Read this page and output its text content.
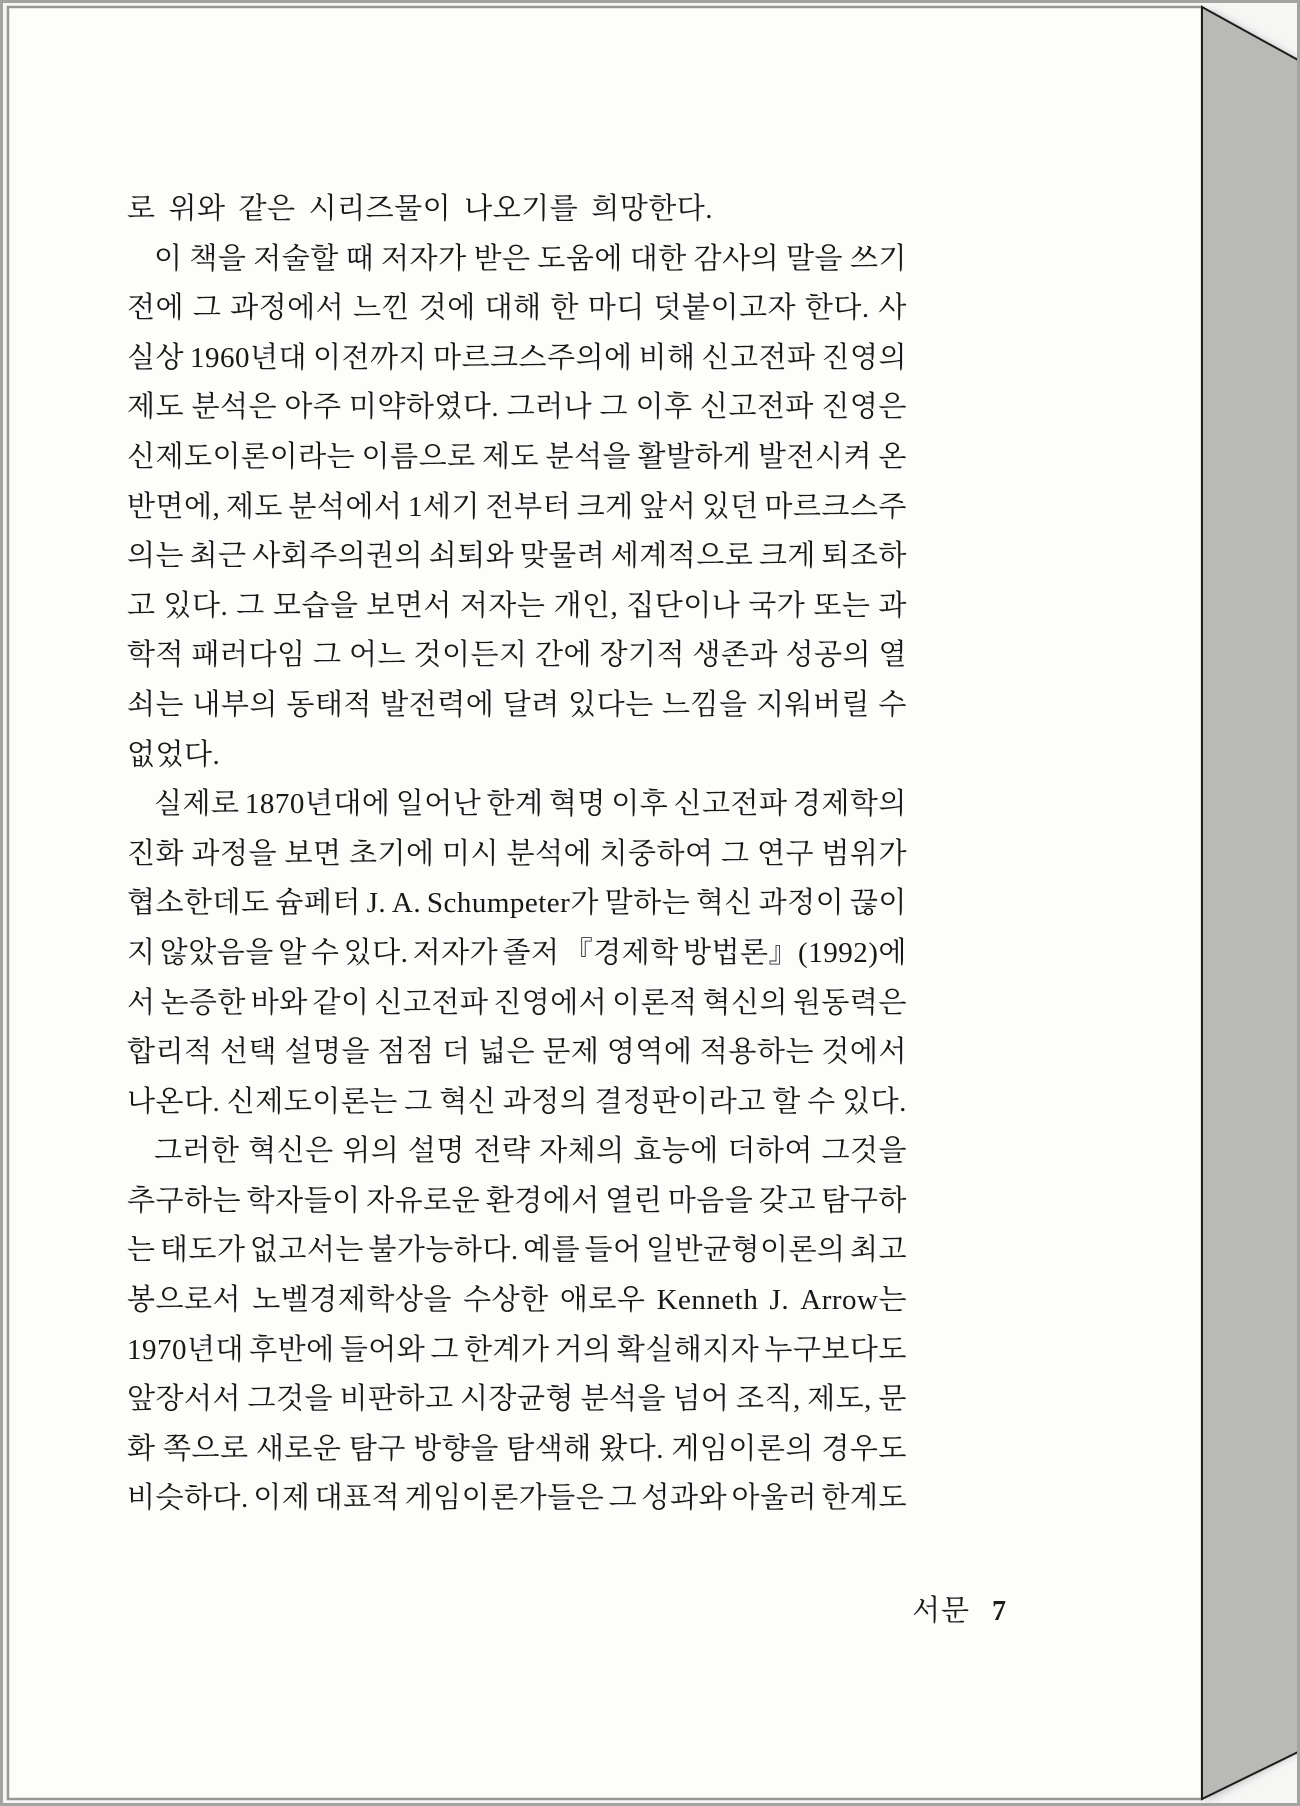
로 위와 같은 시리즈물이 나오기를 희망한다.
이 책을 저술할 때 저자가 받은 도움에 대한 감사의 말을 쓰기
전에 그 과정에서 느낀 것에 대해 한 마디 덧붙이고자 한다. 사
실상 1960년대 이전까지 마르크스주의에 비해 신고전파 진영의
제도 분석은 아주 미약하였다. 그러나 그 이후 신고전파 진영은
신제도이론이라는 이름으로 제도 분석을 활발하게 발전시켜 온
반면에, 제도 분석에서 1세기 전부터 크게 앞서 있던 마르크스주
의는 최근 사회주의권의 쇠퇴와 맞물려 세계적으로 크게 퇴조하
고 있다. 그 모습을 보면서 저자는 개인, 집단이나 국가 또는 과
학적 패러다임 그 어느 것이든지 간에 장기적 생존과 성공의 열
쇠는 내부의 동태적 발전력에 달려 있다는 느낌을 지워버릴 수
없었다.
실제로 1870년대에 일어난 한계 혁명 이후 신고전파 경제학의
진화 과정을 보면 초기에 미시 분석에 치중하여 그 연구 범위가
협소한데도 슘페터 J. A. Schumpeter가 말하는 혁신 과정이 끊이
지 않았음을 알 수 있다. 저자가 졸저 『경제학 방법론』(1992)에
서 논증한 바와 같이 신고전파 진영에서 이론적 혁신의 원동력은
합리적 선택 설명을 점점 더 넓은 문제 영역에 적용하는 것에서
나온다. 신제도이론는 그 혁신 과정의 결정판이라고 할 수 있다.
그러한 혁신은 위의 설명 전략 자체의 효능에 더하여 그것을
추구하는 학자들이 자유로운 환경에서 열린 마음을 갖고 탐구하
는 태도가 없고서는 불가능하다. 예를 들어 일반균형이론의 최고
봉으로서 노벨경제학상을 수상한 애로우 Kenneth J. Arrow는
1970년대 후반에 들어와 그 한계가 거의 확실해지자 누구보다도
앞장서서 그것을 비판하고 시장균형 분석을 넘어 조직, 제도, 문
화 쪽으로 새로운 탐구 방향을 탐색해 왔다. 게임이론의 경우도
비슷하다. 이제 대표적 게임이론가들은 그 성과와 아울러 한계도
서문 7
